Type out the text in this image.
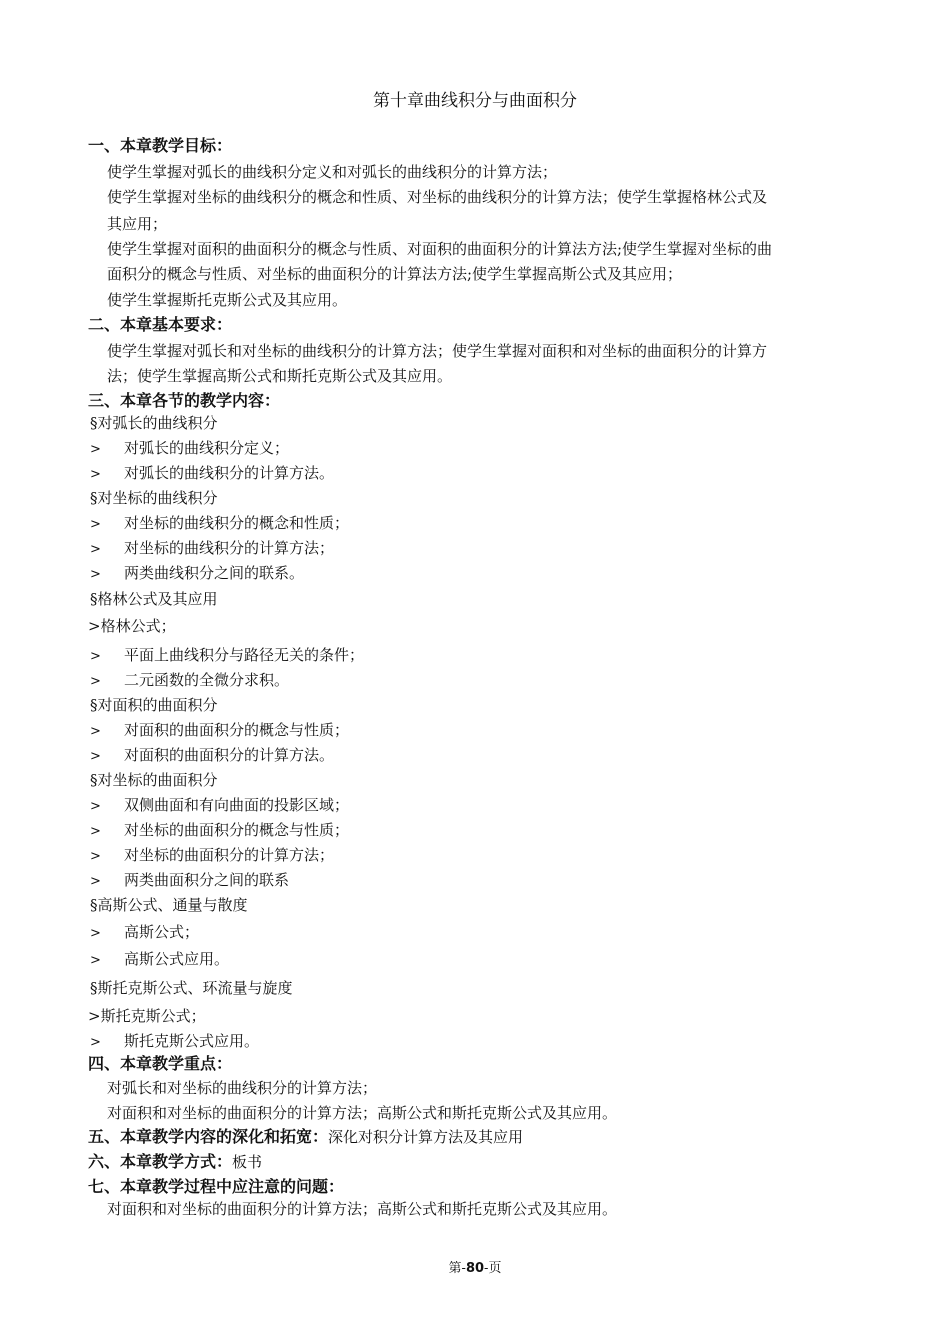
第十章曲线积分与曲面积分
一、本章教学目标：
使学生掌握对弧长的曲线积分定义和对弧长的曲线积分的计算方法；
使学生掌握对坐标的曲线积分的概念和性质、对坐标的曲线积分的计算方法；使学生掌握格林公式及
其应用；
使学生掌握对面积的曲面积分的概念与性质、对面积的曲面积分的计算法方法;使学生掌握对坐标的曲
面积分的概念与性质、对坐标的曲面积分的计算法方法;使学生掌握高斯公式及其应用；
使学生掌握斯托克斯公式及其应用。
二、本章基本要求：
使学生掌握对弧长和对坐标的曲线积分的计算方法；使学生掌握对面积和对坐标的曲面积分的计算方
法；使学生掌握高斯公式和斯托克斯公式及其应用。
三、本章各节的教学内容：
§对弧长的曲线积分
> 对弧长的曲线积分定义；
> 对弧长的曲线积分的计算方法。
§对坐标的曲线积分
> 对坐标的曲线积分的概念和性质；
> 对坐标的曲线积分的计算方法；
> 两类曲线积分之间的联系。
§格林公式及其应用
>格林公式；
> 平面上曲线积分与路径无关的条件；
> 二元函数的全微分求积。
§对面积的曲面积分
> 对面积的曲面积分的概念与性质；
> 对面积的曲面积分的计算方法。
§对坐标的曲面积分
> 双侧曲面和有向曲面的投影区域；
> 对坐标的曲面积分的概念与性质；
> 对坐标的曲面积分的计算方法；
> 两类曲面积分之间的联系
§高斯公式、通量与散度
> 高斯公式；
> 高斯公式应用。
§斯托克斯公式、环流量与旋度
>斯托克斯公式；
> 斯托克斯公式应用。
四、本章教学重点：
对弧长和对坐标的曲线积分的计算方法；
对面积和对坐标的曲面积分的计算方法；高斯公式和斯托克斯公式及其应用。
五、本章教学内容的深化和拓宽：深化对积分计算方法及其应用
六、本章教学方式：板书
七、本章教学过程中应注意的问题：
对面积和对坐标的曲面积分的计算方法；高斯公式和斯托克斯公式及其应用。
第-80-页
